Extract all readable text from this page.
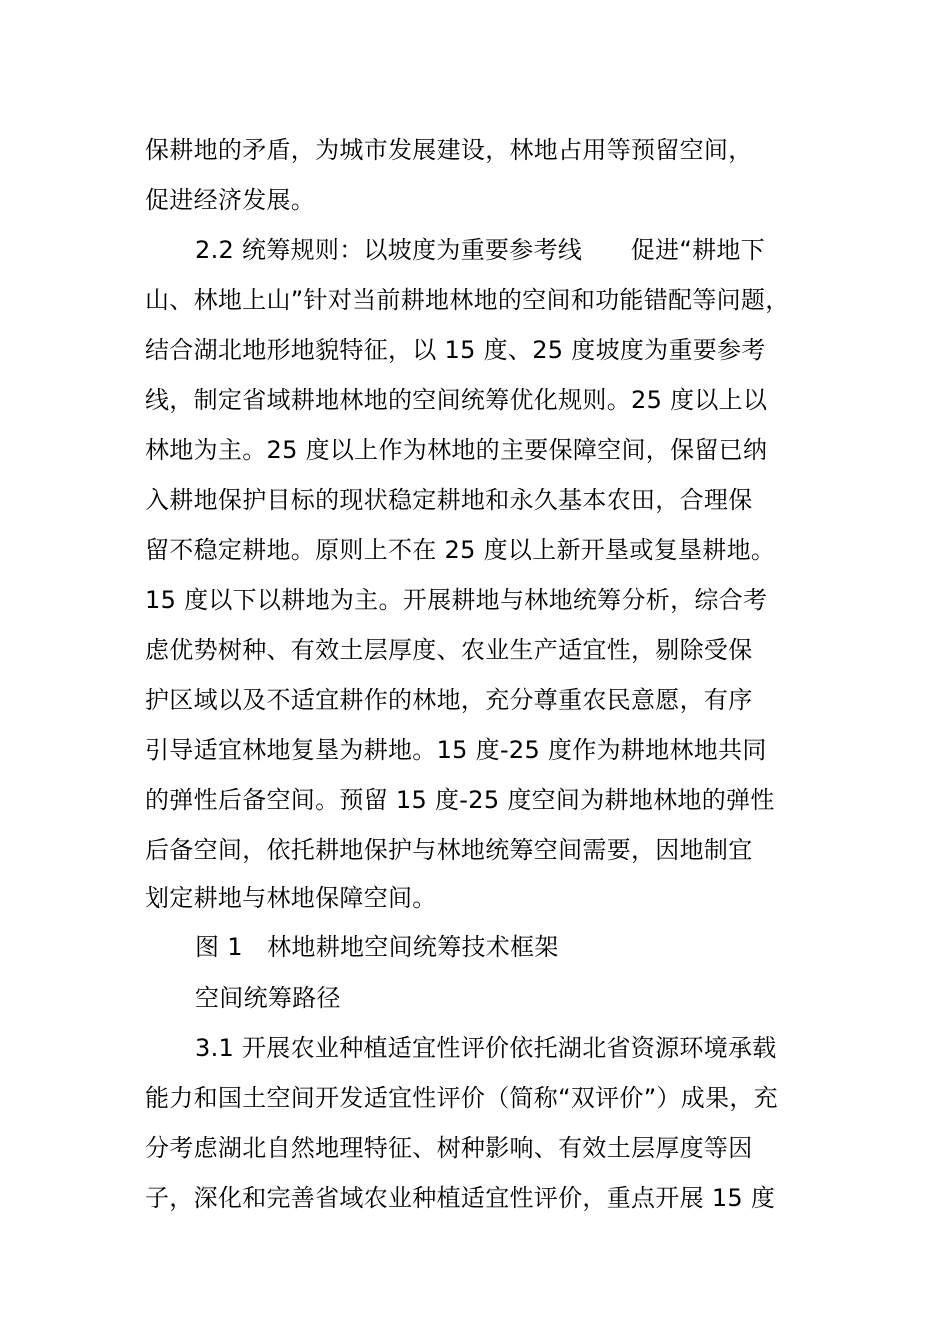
保耕地的矛盾，为城市发展建设，林地占用等预留空间，
促进经济发展。
2.2 统筹规则：以坡度为重要参考线　　促进“耕地下
山、林地上山”针对当前耕地林地的空间和功能错配等问题，
结合湖北地形地貌特征，以 15 度、25 度坡度为重要参考
线，制定省域耕地林地的空间统筹优化规则。25 度以上以
林地为主。25 度以上作为林地的主要保障空间，保留已纳
入耕地保护目标的现状稳定耕地和永久基本农田，合理保
留不稳定耕地。原则上不在 25 度以上新开垦或复垦耕地。
15 度以下以耕地为主。开展耕地与林地统筹分析，综合考
虑优势树种、有效土层厚度、农业生产适宜性，剔除受保
护区域以及不适宜耕作的林地，充分尊重农民意愿，有序
引导适宜林地复垦为耕地。15 度-25 度作为耕地林地共同
的弹性后备空间。预留 15 度-25 度空间为耕地林地的弹性
后备空间，依托耕地保护与林地统筹空间需要，因地制宜
划定耕地与林地保障空间。
图 1　林地耕地空间统筹技术框架
空间统筹路径
3.1 开展农业种植适宜性评价依托湖北省资源环境承载
能力和国土空间开发适宜性评价（简称“双评价”）成果，充
分考虑湖北自然地理特征、树种影响、有效土层厚度等因
子，深化和完善省域农业种植适宜性评价，重点开展 15 度
